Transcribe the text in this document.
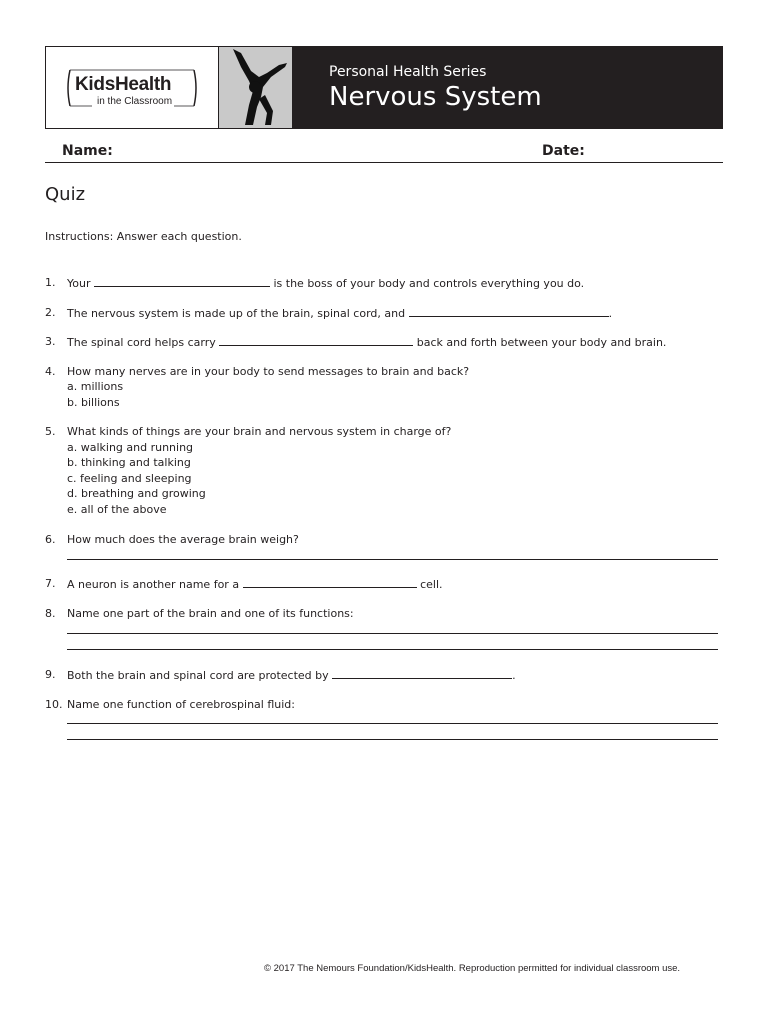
KidsHealth
in the Classroom
Personal Health Series
Nervous System
Name:	Date:
Quiz
Instructions: Answer each question.
1. Your	is the boss of your body and controls everything you do.
2. The nervous system is made up of the brain, spinal cord, and	.
3. The spinal cord helps carry	back and forth between your body and brain.
4. How many nerves are in your body to send messages to brain and back?
a. millions
b. billions
5. What kinds of things are your brain and nervous system in charge of?
a. walking and running
b. thinking and talking
c. feeling and sleeping
d. breathing and growing
e. all of the above
6. How much does the average brain weigh?
7. A neuron is another name for a	cell.
8. Name one part of the brain and one of its functions:
9. Both the brain and spinal cord are protected by	.
10. Name one function of cerebrospinal fluid:
© 2017 The Nemours Foundation/KidsHealth. Reproduction permitted for individual classroom use.
